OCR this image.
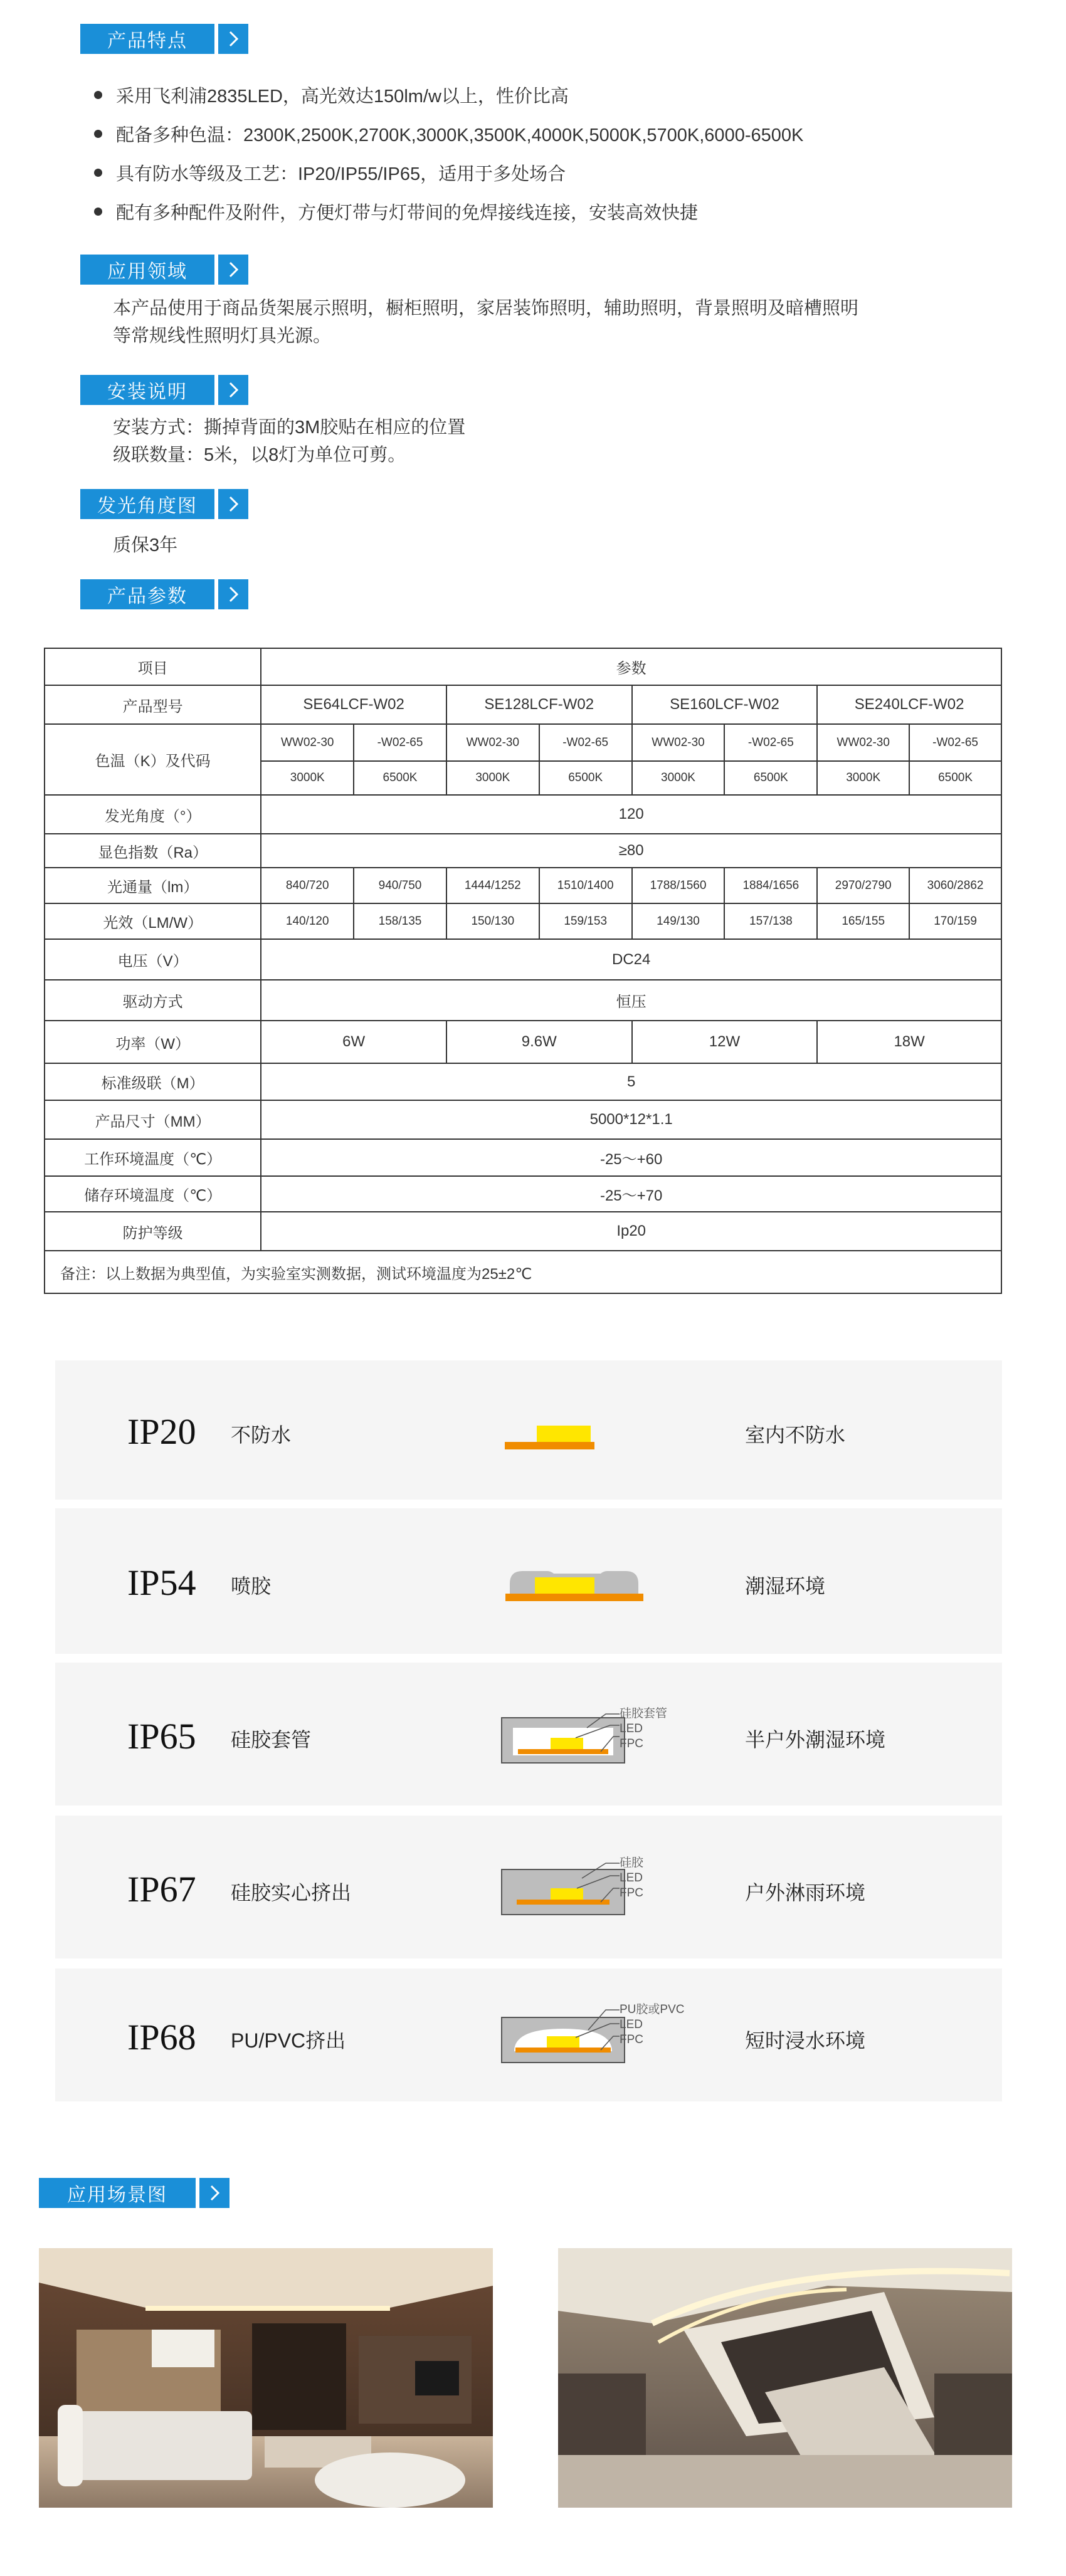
产品特点
采用飞利浦2835LED，高光效达150lm/w以上，性价比高
配备多种色温：2300K,2500K,2700K,3000K,3500K,4000K,5000K,5700K,6000-6500K
具有防水等级及工艺：IP20/IP55/IP65，适用于多处场合
配有多种配件及附件，方便灯带与灯带间的免焊接线连接，安装高效快捷
应用领域
本产品使用于商品货架展示照明，橱柜照明，家居装饰照明，辅助照明，背景照明及暗槽照明
等常规线性照明灯具光源。
安装说明
安装方式：撕掉背面的3M胶贴在相应的位置
级联数量：5米，以8灯为单位可剪。
发光角度图
质保3年
产品参数
项目	参数							
产品型号	SE64LCF-W02		SE128LCF-W02		SE160LCF-W02		SE240LCF-W02	
色温（K）及代码	WW02-30	-W02-65	WW02-30	-W02-65	WW02-30	-W02-65	WW02-30	-W02-65
	3000K	6500K	3000K	6500K	3000K	6500K	3000K	6500K
发光角度（°）	120							
显色指数（Ra）	≥80							
光通量（lm）	840/720	940/750	1444/1252	1510/1400	1788/1560	1884/1656	2970/2790	3060/2862
光效（LM/W）	140/120	158/135	150/130	159/153	149/130	157/138	165/155	170/159
电压（V）	DC24							
驱动方式	恒压							
功率（W）	6W		9.6W		12W		18W	
标准级联（M）	5							
产品尺寸（MM）	5000*12*1.1							
工作环境温度（℃）	-25～+60							
储存环境温度（℃）	-25～+70							
防护等级	Ip20							
备注：以上数据为典型值，为实验室实测数据，测试环境温度为25±2℃								
IP20 不防水	室内不防水
IP54 喷胶	潮湿环境
IP65 硅胶套管
硅胶套管
LED
FPC	半户外潮湿环境
IP67 硅胶实心挤出
硅胶
LED
FPC	户外淋雨环境
IP68 PU/PVC挤出
PU胶或PVC
LED
FPC	短时浸水环境
应用场景图
